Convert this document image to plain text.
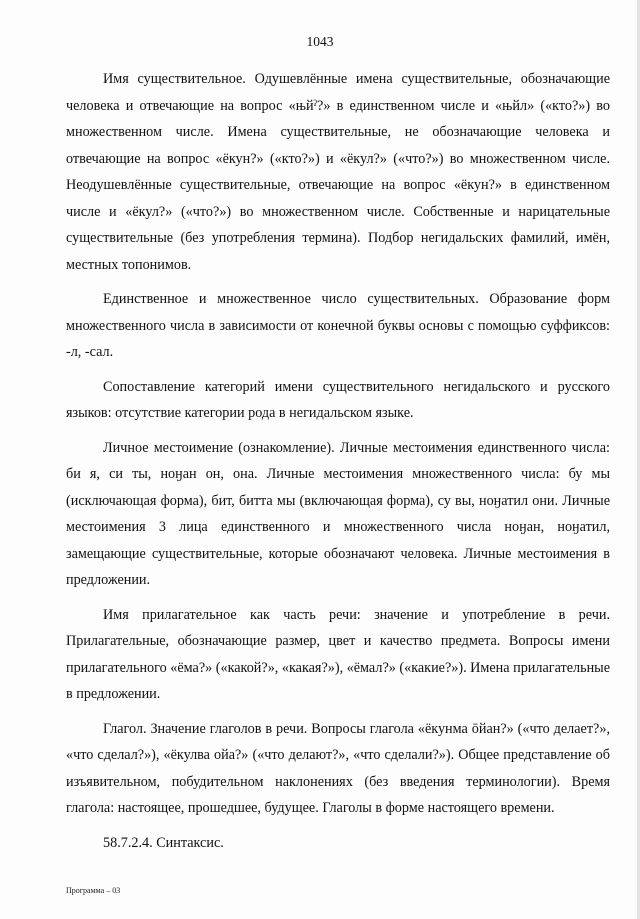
1043

Имя существительное. Одушевлённые имена существительные, обозначающие человека и отвечающие на вопрос «њйˀ?» в единственном числе и «њйл» («кто?») во множественном числе. Имена существительные, не обозначающие человека и отвечающие на вопрос «ёкун?» («кто?») и «ёкул?» («что?») во множественном числе. Неодушевлённые существительные, отвечающие на вопрос «ёкун?» в единственном числе и «ёкул?» («что?») во множественном числе. Собственные и нарицательные существительные (без употребления термина). Подбор негидальских фамилий, имён, местных топонимов.

Единственное и множественное число существительных. Образование форм множественного числа в зависимости от конечной буквы основы с помощью суффиксов: -л, -сал.

Сопоставление категорий имени существительного негидальского и русского языков: отсутствие категории рода в негидальском языке.

Личное местоимение (ознакомление). Личные местоимения единственного числа: би я, си ты, ноӈан он, она. Личные местоимения множественного числа: бу мы (исключающая форма), бит, битта мы (включающая форма), су вы, ноӈатил они. Личные местоимения 3 лица единственного и множественного числа ноӈан, ноӈатил, замещающие существительные, которые обозначают человека. Личные местоимения в предложении.

Имя прилагательное как часть речи: значение и употребление в речи. Прилагательные, обозначающие размер, цвет и качество предмета. Вопросы имени прилагательного «ёма?» («какой?», «какая?»), «ёмал?» («какие?»). Имена прилагательные в предложении.

Глагол. Значение глаголов в речи. Вопросы глагола «ёкунма ōйан?» («что делает?», «что сделал?»), «ёкулва ойа?» («что делают?», «что сделали?»). Общее представление об изъявительном, побудительном наклонениях (без введения терминологии). Время глагола: настоящее, прошедшее, будущее. Глаголы в форме настоящего времени.

58.7.2.4. Синтаксис.

Программа – 03
